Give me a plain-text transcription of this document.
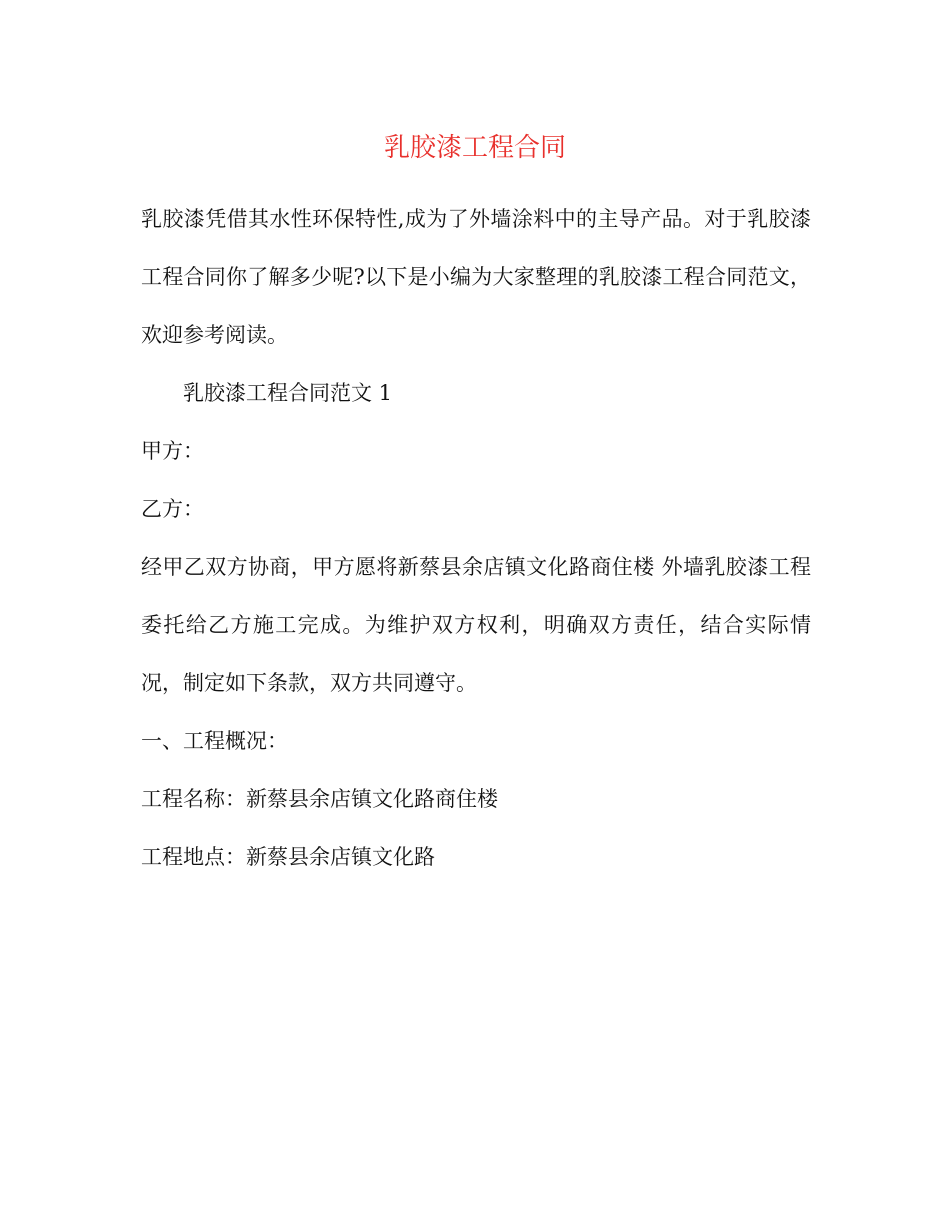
乳胶漆工程合同

乳胶漆凭借其水性环保特性,成为了外墙涂料中的主导产品。对于乳胶漆工程合同你了解多少呢?以下是小编为大家整理的乳胶漆工程合同范文，欢迎参考阅读。

乳胶漆工程合同范文 1

甲方：

乙方：

经甲乙双方协商，甲方愿将新蔡县余店镇文化路商住楼 外墙乳胶漆工程委托给乙方施工完成。为维护双方权利，明确双方责任，结合实际情况，制定如下条款，双方共同遵守。

一、工程概况：

工程名称：新蔡县余店镇文化路商住楼

工程地点：新蔡县余店镇文化路
